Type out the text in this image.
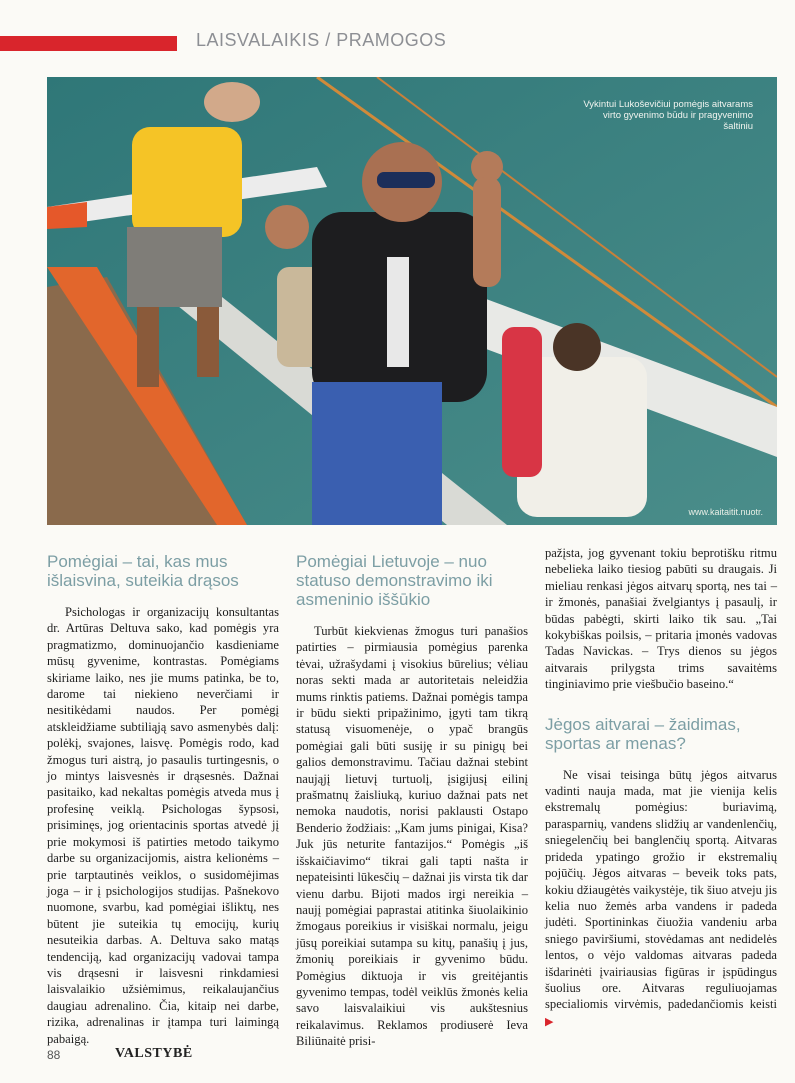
LAISVALAIKIS / PRAMOGOS
Vykintui Lukoševičiui pomėgis aitvarams virto gyvenimo būdu ir pragyvenimo šaltiniu
www.kaitaitit.nuotr.
Pomėgiai – tai, kas mus išlaisvina, suteikia drąsos

Psichologas ir organizacijų konsultantas dr. Artūras Deltuva sako, kad pomėgis yra pragmatizmo, dominuojančio kasdieniame mūsų gyvenime, kontrastas. Pomėgiams skiriame laiko, nes jie mums patinka, be to, darome tai niekieno neverčiami ir nesitikėdami naudos. Per pomėgį atskleidžiame subtiliąją savo asmenybės dalį: polėkį, svajones, laisvę. Pomėgis rodo, kad žmogus turi aistrą, jo pasaulis turtingesnis, o jo mintys laisvesnės ir drąsesnės. Dažnai pasitaiko, kad nekaltas pomėgis atveda mus į profesinę veiklą. Psichologas šypsosi, prisiminęs, jog orientacinis sportas atvedė jį prie mokymosi iš patirties metodo taikymo darbe su organizacijomis, aistra kelionėms – prie tarptautinės veiklos, o susidomėjimas joga – ir į psichologijos studijas. Pašnekovo nuomone, svarbu, kad pomėgiai išliktų, nes būtent jie suteikia tų emocijų, kurių nesuteikia darbas. A. Deltuva sako matąs tendenciją, kad organizacijų vadovai tampa vis drąsesni ir laisvesni rinkdamiesi laisvalaikio užsiėmimus, reikalaujančius daugiau adrenalino. Čia, kitaip nei darbe, rizika, adrenalinas ir įtampa turi laimingą pabaigą.

Pomėgiai Lietuvoje – nuo statuso demonstravimo iki asmeninio iššūkio

Turbūt kiekvienas žmogus turi panašios patirties – pirmiausia pomėgius parenka tėvai, užrašydami į visokius būrelius; vėliau noras sekti mada ar autoritetais neleidžia mums rinktis patiems. Dažnai pomėgis tampa ir būdu siekti pripažinimo, įgyti tam tikrą statusą visuomenėje, o ypač brangūs pomėgiai gali būti susiję ir su pinigų bei galios demonstravimu. Tačiau dažnai stebint naująjį lietuvį turtuolį, įsigijusį eilinį prašmatnų žaisliuką, kuriuo dažnai pats net nemoka naudotis, norisi paklausti Ostapo Benderio žodžiais: „Kam jums pinigai, Kisa? Juk jūs neturite fantazijos.“ Pomėgis „iš išskaičiavimo“ tikrai gali tapti našta ir nepateisinti lūkesčių – dažnai jis virsta tik dar vienu darbu. Bijoti mados irgi nereikia – naujį pomėgiai paprastai atitinka šiuolaikinio žmogaus poreikius ir visiškai normalu, jeigu jūsų poreikiai sutampa su kitų, panašių į jus, žmonių poreikiais ir gyvenimo būdu. Pomėgius diktuoja ir vis greitėjantis gyvenimo tempas, todėl veiklūs žmonės kelia savo laisvalaikiui vis aukštesnius reikalavimus. Reklamos prodiuserė Ieva Biliūnaitė prisi-

pažįsta, jog gyvenant tokiu beprotišku ritmu nebelieka laiko tiesiog pabūti su draugais. Ji mieliau renkasi jėgos aitvarų sportą, nes tai – ir žmonės, panašiai žvelgiantys į pasaulį, ir būdas pabėgti, skirti laiko tik sau. „Tai kokybiškas poilsis, – pritaria įmonės vadovas Tadas Navickas. – Trys dienos su jėgos aitvarais prilygsta trims savaitėms tinginiavimo prie viešbučio baseino.“

Jėgos aitvarai – žaidimas, sportas ar menas?

Ne visai teisinga būtų jėgos aitvarus vadinti nauja mada, mat jie vienija kelis ekstremalų pomėgius: buriavimą, parasparnių, vandens slidžių ar vandenlenčių, sniegelenčių bei banglenčių sportą. Aitvaras prideda ypatingo grožio ir ekstremalių pojūčių. Jėgos aitvaras – beveik toks pats, kokiu džiaugėtės vaikystėje, tik šiuo atveju jis kelia nuo žemės arba vandens ir padeda judėti. Sportininkas čiuožia vandeniu arba sniego paviršiumi, stovėdamas ant nedidelės lentos, o vėjo valdomas aitvaras padeda išdarinėti įvairiausias figūras ir įspūdingus šuolius ore. Aitvaras reguliuojamas specialiomis virvėmis, padedančiomis keisti ▶

88	VALSTYBĖ
